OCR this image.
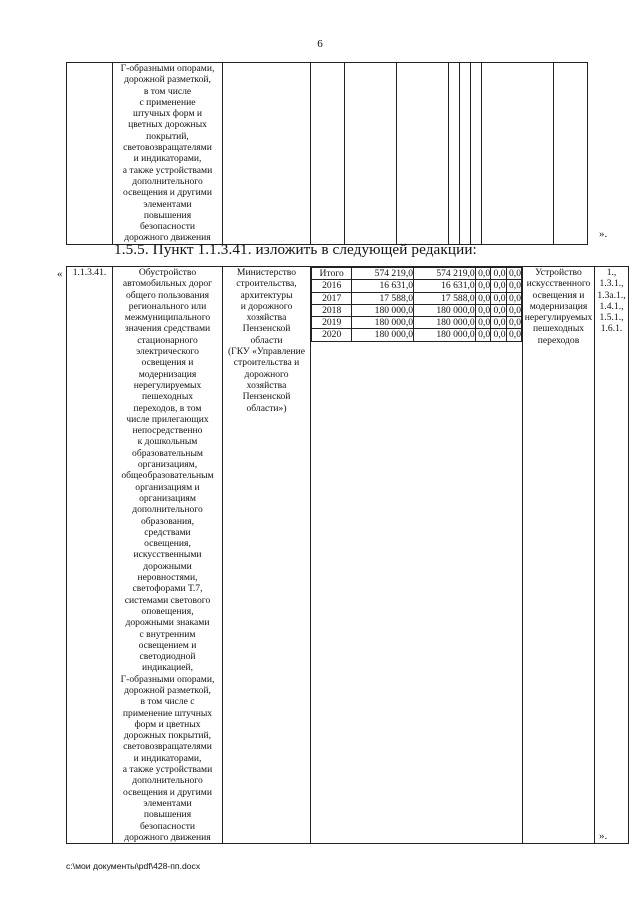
6
	Г-образными опорами,
дорожной разметкой,
в том числе
с применение
штучных форм и
цветных дорожных
покрытий,
световозвращателями
и индикаторами,
а также устройствами
дополнительного
освещения и другими
элементами
повышения
безопасности
дорожного движения										».
1.5.5. Пункт 1.1.3.41. изложить в следующей редакции:
« 1.1.3.41.	Обустройство
автомобильных дорог
общего пользования
регионального или
межмуниципального
значения средствами
стационарного
электрического
освещения и
модернизация
нерегулируемых
пешеходных
переходов, в том
числе прилегающих
непосредственно
к дошкольным
образовательным
организациям,
общеобразовательным
организациям и
организациям
дополнительного
образования,
средствами
освещения,
искусственными
дорожными
неровностями,
светофорами Т.7,
системами светового
оповещения,
дорожными знаками
с внутренним
освещением и
светодиодной
индикацией,
Г-образными опорами,
дорожной разметкой,
в том числе с
применение штучных
форм и цветных
дорожных покрытий,
световозвращателями
и индикаторами,
а также устройствами
дополнительного
освещения и другими
элементами
повышения
безопасности
дорожного движения	Министерство
строительства,
архитектуры
и дорожного
хозяйства
Пензенской
области
(ГКУ «Управление
строительства и
дорожного
хозяйства
Пензенской
области»)	
Итого	574 219,0	574 219,0	0,0	0,0	0,0
2016	16 631,0	16 631,0	0,0	0,0	0,0
2017	17 588,0	17 588,0	0,0	0,0	0,0
2018	180 000,0	180 000,0	0,0	0,0	0,0
2019	180 000,0	180 000,0	0,0	0,0	0,0
2020	180 000,0	180 000,0	0,0	0,0	0,0
	Устройство
искусственного
освещения и
модернизация
нерегулируемых
пешеходных
переходов	1.,
1.3.1.,
1.3а.1.,
1.4.1.,
1.5.1.,
1.6.1.
».
c:\мои документы\pdf\428-пп.docx
